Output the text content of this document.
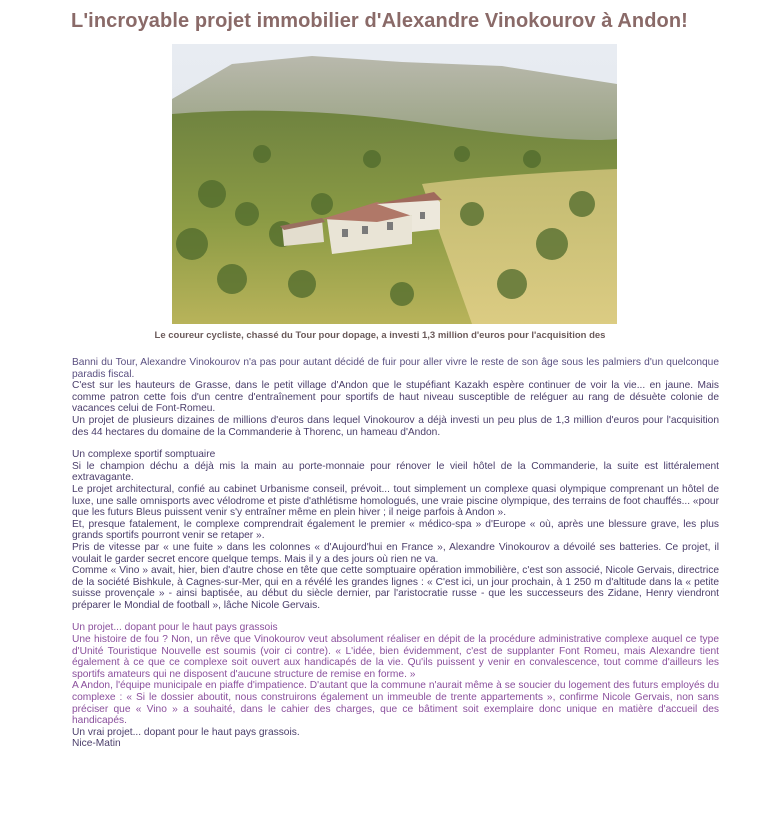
L'incroyable projet immobilier d'Alexandre Vinokourov à Andon!
Le coureur cycliste, chassé du Tour pour dopage, a investi 1,3 million d'euros pour l'acquisition des

Banni du Tour, Alexandre Vinokourov n'a pas pour autant décidé de fuir pour aller vivre le reste de son âge sous les palmiers d'un quelconque paradis fiscal.

C'est sur les hauteurs de Grasse, dans le petit village d'Andon que le stupéfiant Kazakh espère continuer de voir la vie... en jaune. Mais comme patron cette fois d'un centre d'entraînement pour sportifs de haut niveau susceptible de reléguer au rang de désuète colonie de vacances celui de Font-Romeu.

Un projet de plusieurs dizaines de millions d'euros dans lequel Vinokourov a déjà investi un peu plus de 1,3 million d'euros pour l'acquisition des 44 hectares du domaine de la Commanderie à Thorenc, un hameau d'Andon.

Un complexe sportif somptuaire

Si le champion déchu a déjà mis la main au porte-monnaie pour rénover le vieil hôtel de la Commanderie, la suite est littéralement extravagante.

Le projet architectural, confié au cabinet Urbanisme conseil, prévoit... tout simplement un complexe quasi olympique comprenant un hôtel de luxe, une salle omnisports avec vélodrome et piste d'athlétisme homologués, une vraie piscine olympique, des terrains de foot chauffés... «pour que les futurs Bleus puissent venir s'y entraîner même en plein hiver ; il neige parfois à Andon ».

Et, presque fatalement, le complexe comprendrait également le premier « médico-spa » d'Europe « où, après une blessure grave, les plus grands sportifs pourront venir se retaper ».

Pris de vitesse par « une fuite » dans les colonnes « d'Aujourd'hui en France », Alexandre Vinokourov a dévoilé ses batteries. Ce projet, il voulait le garder secret encore quelque temps. Mais il y a des jours où rien ne va.

Comme « Vino » avait, hier, bien d'autre chose en tête que cette somptuaire opération immobilière, c'est son associé, Nicole Gervais, directrice de la société Bishkule, à Cagnes-sur-Mer, qui en a révélé les grandes lignes : « C'est ici, un jour prochain, à 1 250 m d'altitude dans la « petite suisse provençale » - ainsi baptisée, au début du siècle dernier, par l'aristocratie russe - que les successeurs des Zidane, Henry viendront préparer le Mondial de football », lâche Nicole Gervais.

Un projet... dopant pour le haut pays grassois

Une histoire de fou ? Non, un rêve que Vinokourov veut absolument réaliser en dépit de la procédure administrative complexe auquel ce type d'Unité Touristique Nouvelle est soumis (voir ci contre). « L'idée, bien évidemment, c'est de supplanter Font Romeu, mais Alexandre tient également à ce que ce complexe soit ouvert aux handicapés de la vie. Qu'ils puissent y venir en convalescence, tout comme d'ailleurs les sportifs amateurs qui ne disposent d'aucune structure de remise en forme. »

A Andon, l'équipe municipale en piaffe d'impatience. D'autant que la commune n'aurait même à se soucier du logement des futurs employés du complexe : « Si le dossier aboutit, nous construirons également un immeuble de trente appartements », confirme Nicole Gervais, non sans préciser que « Vino » a souhaité, dans le cahier des charges, que ce bâtiment soit exemplaire donc unique en matière d'accueil des handicapés.

Un vrai projet... dopant pour le haut pays grassois.

Nice-Matin
